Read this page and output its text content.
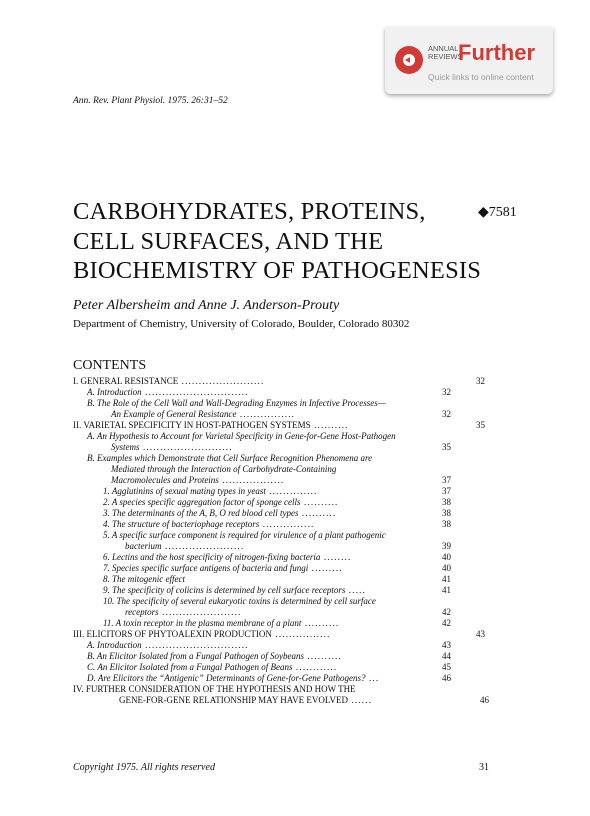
ANNUAL
REVIEWS
Further
Quick links to online content
Ann. Rev. Plant Physiol. 1975. 26:31–52
CARBOHYDRATES, PROTEINS,
CELL SURFACES, AND THE
BIOCHEMISTRY OF PATHOGENESIS
◆7581
Peter Albersheim and Anne J. Anderson-Prouty
Department of Chemistry, University of Colorado, Boulder, Colorado 80302
CONTENTS
I. GENERAL RESISTANCE ........................	32
A. Introduction ..............................	32
B. The Role of the Cell Wall and Wall-Degrading Enzymes in Infective Processes—
An Example of General Resistance ................	32
II. VARIETAL SPECIFICITY IN HOST-PATHOGEN SYSTEMS ..........	35
A. An Hypothesis to Account for Varietal Specificity in Gene-for-Gene Host-Pathogen
Systems ..........................	35
B. Examples which Demonstrate that Cell Surface Recognition Phenomena are
Mediated through the Interaction of Carbohydrate-Containing
Macromolecules and Proteins ..................	37
1. Agglutinins of sexual mating types in yeast ..............	37
2. A species specific aggregation factor of sponge cells ..........	38
3. The determinants of the A, B, O red blood cell types ..........	38
4. The structure of bacteriophage receptors ...............	38
5. A specific surface component is required for virulence of a plant pathogenic
bacterium .......................	39
6. Lectins and the host specificity of nitrogen-fixing bacteria ........	40
7. Species specific surface antigens of bacteria and fungi .........	40
8. The mitogenic effect	41
9. The specificity of colicins is determined by cell surface receptors .....	41
10. The specificity of several eukaryotic toxins is determined by cell surface
receptors .......................	42
11. A toxin receptor in the plasma membrane of a plant ..........	42
III. ELICITORS OF PHYTOALEXIN PRODUCTION ................	43
A. Introduction ..............................	43
B. An Elicitor Isolated from a Fungal Pathogen of Soybeans ..........	44
C. An Elicitor Isolated from a Fungal Pathogen of Beans ............	45
D. Are Elicitors the “Antigenic” Determinants of Gene-for-Gene Pathogens? ...	46
IV. FURTHER CONSIDERATION OF THE HYPOTHESIS AND HOW THE
GENE-FOR-GENE RELATIONSHIP MAY HAVE EVOLVED ......	46
Copyright 1975. All rights reserved	31
